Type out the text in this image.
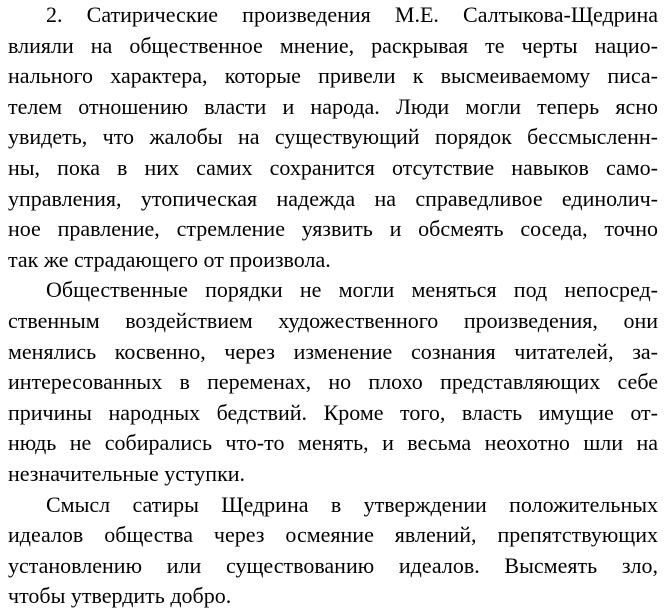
2. Сатирические произведения М.Е. Салтыкова-Щедрина
влияли на общественное мнение, раскрывая те черты нацио-
нального характера, которые привели к высмеиваемому писа-
телем отношению власти и народа. Люди могли теперь ясно
увидеть, что жалобы на существующий порядок бессмысленн-
ны, пока в них самих сохранится отсутствие навыков само-
управления, утопическая надежда на справедливое единолич-
ное правление, стремление уязвить и обсмеять соседа, точно
так же страдающего от произвола.
Общественные порядки не могли меняться под непосред-
ственным воздействием художественного произведения, они
менялись косвенно, через изменение сознания читателей, за-
интересованных в переменах, но плохо представляющих себе
причины народных бедствий. Кроме того, власть имущие от-
нюдь не собирались что-то менять, и весьма неохотно шли на
незначительные уступки.
Смысл сатиры Щедрина в утверждении положительных
идеалов общества через осмеяние явлений, препятствующих
установлению или существованию идеалов. Высмеять зло,
чтобы утвердить добро.
